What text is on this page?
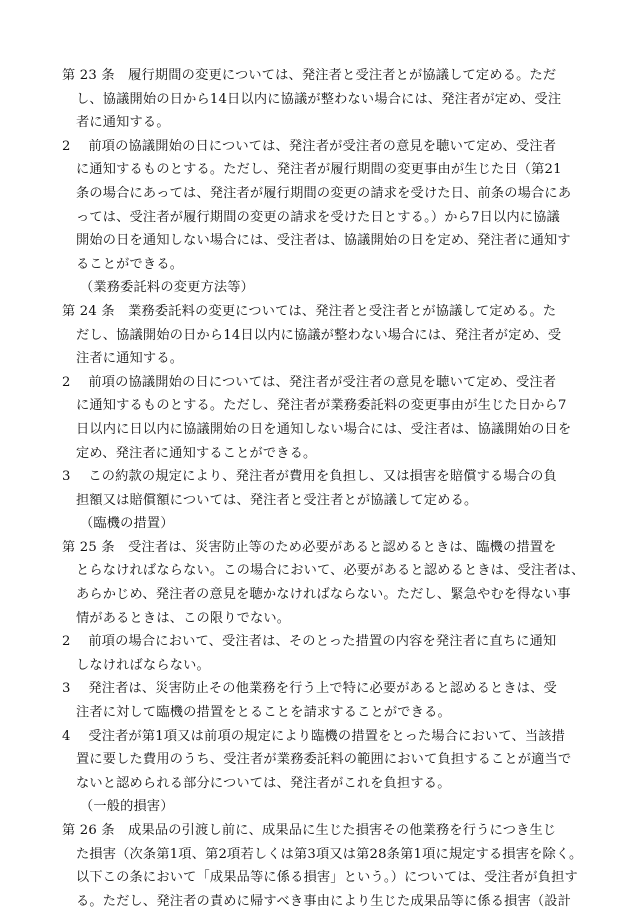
第 23 条　履行期間の変更については、発注者と受注者とが協議して定める。ただ
し、協議開始の日から14日以内に協議が整わない場合には、発注者が定め、受注
者に通知する。
2　 前項の協議開始の日については、発注者が受注者の意見を聴いて定め、受注者
に通知するものとする。ただし、発注者が履行期間の変更事由が生じた日（第21
条の場合にあっては、発注者が履行期間の変更の請求を受けた日、前条の場合にあ
っては、受注者が履行期間の変更の請求を受けた日とする。）から7日以内に協議
開始の日を通知しない場合には、受注者は、協議開始の日を定め、発注者に通知す
ることができる。
（業務委託料の変更方法等）
第 24 条　業務委託料の変更については、発注者と受注者とが協議して定める。た
だし、協議開始の日から14日以内に協議が整わない場合には、発注者が定め、受
注者に通知する。
2　 前項の協議開始の日については、発注者が受注者の意見を聴いて定め、受注者
に通知するものとする。ただし、発注者が業務委託料の変更事由が生じた日から7
日以内に日以内に協議開始の日を通知しない場合には、受注者は、協議開始の日を
定め、発注者に通知することができる。
3　 この約款の規定により、発注者が費用を負担し、又は損害を賠償する場合の負
担額又は賠償額については、発注者と受注者とが協議して定める。
（臨機の措置）
第 25 条　受注者は、災害防止等のため必要があると認めるときは、臨機の措置を
とらなければならない。この場合において、必要があると認めるときは、受注者は、
あらかじめ、発注者の意見を聴かなければならない。ただし、緊急やむを得ない事
情があるときは、この限りでない。
2　 前項の場合において、受注者は、そのとった措置の内容を発注者に直ちに通知
しなければならない。
3　 発注者は、災害防止その他業務を行う上で特に必要があると認めるときは、受
注者に対して臨機の措置をとることを請求することができる。
4　 受注者が第1項又は前項の規定により臨機の措置をとった場合において、当該措
置に要した費用のうち、受注者が業務委託料の範囲において負担することが適当で
ないと認められる部分については、発注者がこれを負担する。
（一般的損害）
第 26 条　成果品の引渡し前に、成果品に生じた損害その他業務を行うにつき生じ
た損害（次条第1項、第2項若しくは第3項又は第28条第1項に規定する損害を除く。
以下この条において「成果品等に係る損害」という。）については、受注者が負担す
る。ただし、発注者の責めに帰すべき事由により生じた成果品等に係る損害（設計
